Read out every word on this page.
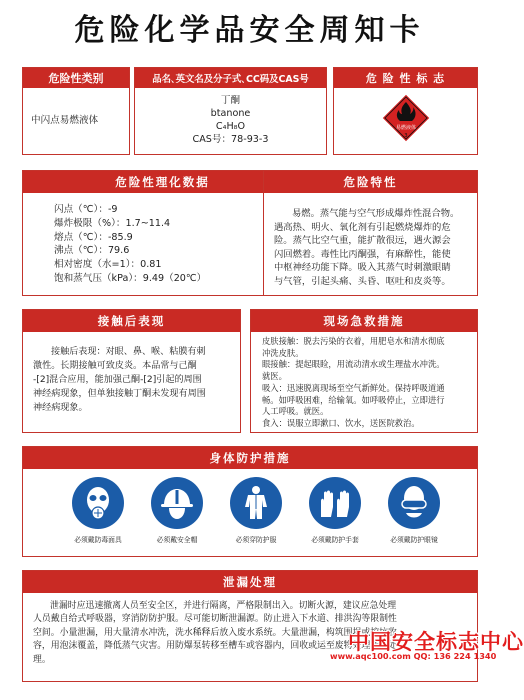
危险化学品安全周知卡
危险性类别
中闪点易燃液体
品名､英文名及分子式､CC码及CAS号
丁酮
btanone
C₄H₈O
CAS号：78-93-3
危 险 性 标 志
易燃液体
3
危险性理化数据
闪点（℃）：-9
爆炸极限（%）：1.7~11.4
熔点（℃）：-85.9
沸点（℃）：79.6
相对密度（水=1）：0.81
饱和蒸气压（kPa）：9.49（20℃）
危险特性
易燃。蒸气能与空气形成爆炸性混合物。
遇高热、明火、氧化剂有引起燃烧爆炸的危
险。蒸气比空气重，能扩散很远，遇火源会
闪回燃着。毒性比丙酮强，有麻醉性，能使
中枢神经功能下降。吸入其蒸气时刺激眼睛
与气管，引起头痛、头昏、呕吐和皮炎等。
接触后表现
接触后表现：对眼、鼻、喉、粘膜有刺
激性。长期接触可致皮炎。本品常与己酮
-[2]混合应用，能加强己酮-[2]引起的周围
神经病现象，但单独接触丁酮未发现有周围
神经病现象。
现场急救措施
皮肤接触：脱去污染的衣着，用肥皂水和清水彻底
冲洗皮肤。
眼接触：提起眼睑，用流动清水或生理盐水冲洗。
就医。
吸入：迅速脱离现场至空气新鲜处。保持呼吸道通
畅。如呼吸困难，给输氧。如呼吸停止，立即进行
人工呼吸。就医。
食入：误服立即漱口、饮水，送医院救治。
身体防护措施
必须戴防毒面具	必须戴安全帽	必须穿防护服	必须戴防护手套	必须戴防护眼镜
泄漏处理
泄漏时应迅速撤离人员至安全区，并进行隔离，严格限制出入。切断火源，建议应急处理
人员戴自给式呼吸器，穿消防防护服。尽可能切断泄漏源。防止进入下水道、排洪沟等限制性
空间。小量泄漏，用大量清水冲洗，洗水稀释后放入废水系统。大量泄漏，构筑围堤或挖坑收
容，用泡沫覆盖，降低蒸气灾害。用防爆泵转移至槽车或容器内，回收或运至废物处理场所处
理。
中国安全标志中心
www.aqc100.com QQ: 136 224 1340
